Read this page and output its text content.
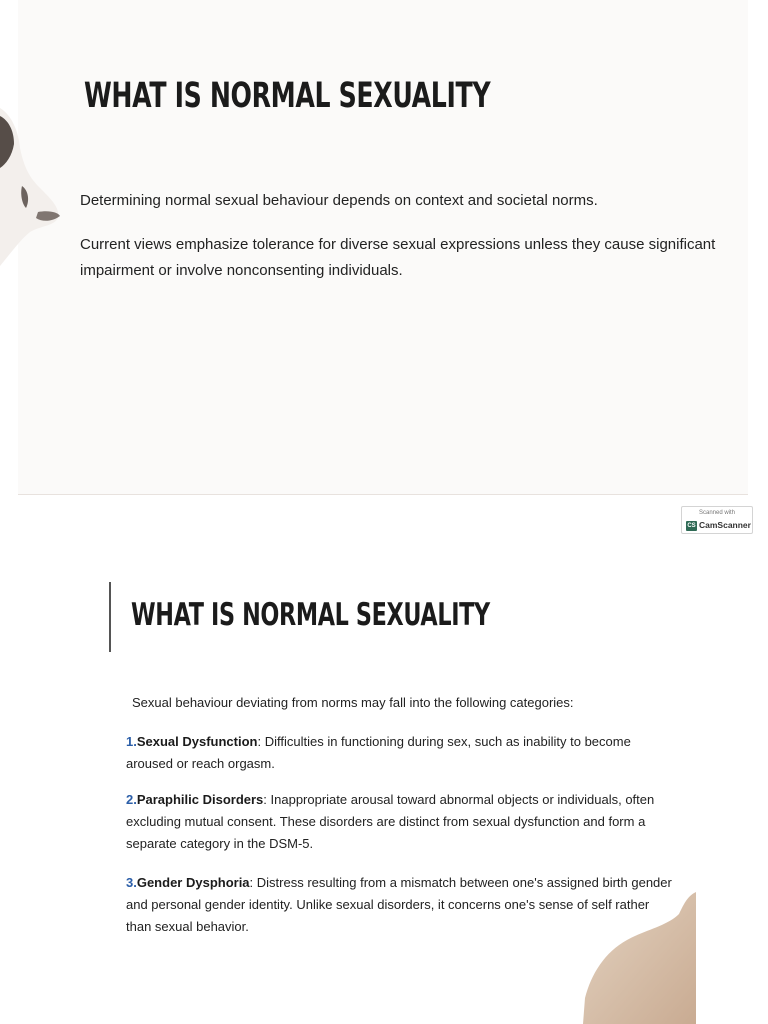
WHAT IS NORMAL SEXUALITY
Determining normal sexual behaviour depends on context and societal norms.
Current views emphasize tolerance for diverse sexual expressions unless they cause significant impairment or involve nonconsenting individuals.
Scanned with
CS CamScanner
WHAT IS NORMAL SEXUALITY
Sexual behaviour deviating from norms may fall into the following categories:
1.Sexual Dysfunction: Difficulties in functioning during sex, such as inability to become aroused or reach orgasm.
2.Paraphilic Disorders: Inappropriate arousal toward abnormal objects or individuals, often excluding mutual consent. These disorders are distinct from sexual dysfunction and form a separate category in the DSM-5.
3.Gender Dysphoria: Distress resulting from a mismatch between one's assigned birth gender and personal gender identity. Unlike sexual disorders, it concerns one's sense of self rather than sexual behavior.
